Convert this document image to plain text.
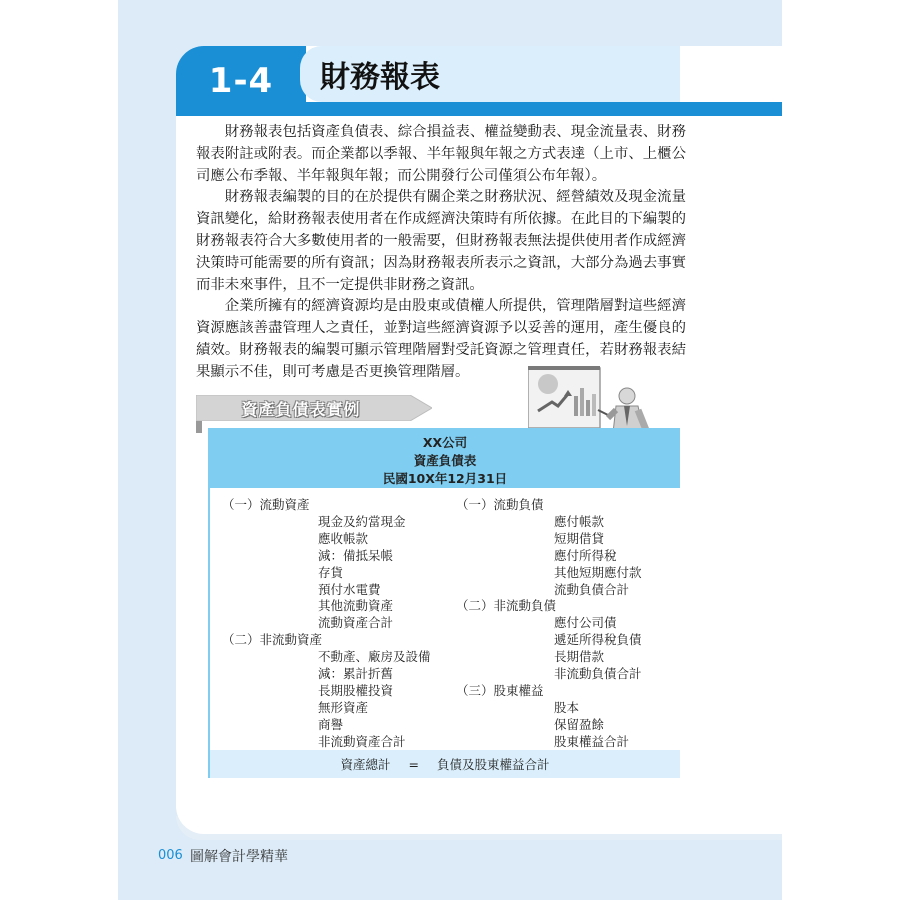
1-4	財務報表

財務報表包括資產負債表、綜合損益表、權益變動表、現金流量表、財務報表附註或附表。而企業都以季報、半年報與年報之方式表達（上市、上櫃公司應公布季報、半年報與年報；而公開發行公司僅須公布年報）。

財務報表編製的目的在於提供有關企業之財務狀況、經營績效及現金流量資訊變化，給財務報表使用者在作成經濟決策時有所依據。在此目的下編製的財務報表符合大多數使用者的一般需要，但財務報表無法提供使用者作成經濟決策時可能需要的所有資訊；因為財務報表所表示之資訊，大部分為過去事實而非未來事件，且不一定提供非財務之資訊。

企業所擁有的經濟資源均是由股東或債權人所提供，管理階層對這些經濟資源應該善盡管理人之責任，並對這些經濟資源予以妥善的運用，產生優良的績效。財務報表的編製可顯示管理階層對受託資源之管理責任，若財務報表結果顯示不佳，則可考慮是否更換管理階層。

資產負債表實例
XX公司
資產負債表
民國10X年12月31日
（一）流動資產
現金及約當現金
應收帳款
減：備抵呆帳
存貨
預付水電費
其他流動資產
流動資產合計
（二）非流動資產
不動產、廠房及設備
減：累計折舊
長期股權投資
無形資產
商譽
非流動資產合計
（一）流動負債
應付帳款
短期借貸
應付所得稅
其他短期應付款
流動負債合計
（二）非流動負債
應付公司債
遞延所得稅負債
長期借款
非流動負債合計
（三）股東權益
股本
保留盈餘
股東權益合計
資產總計 = 負債及股東權益合計
006 圖解會計學精華
